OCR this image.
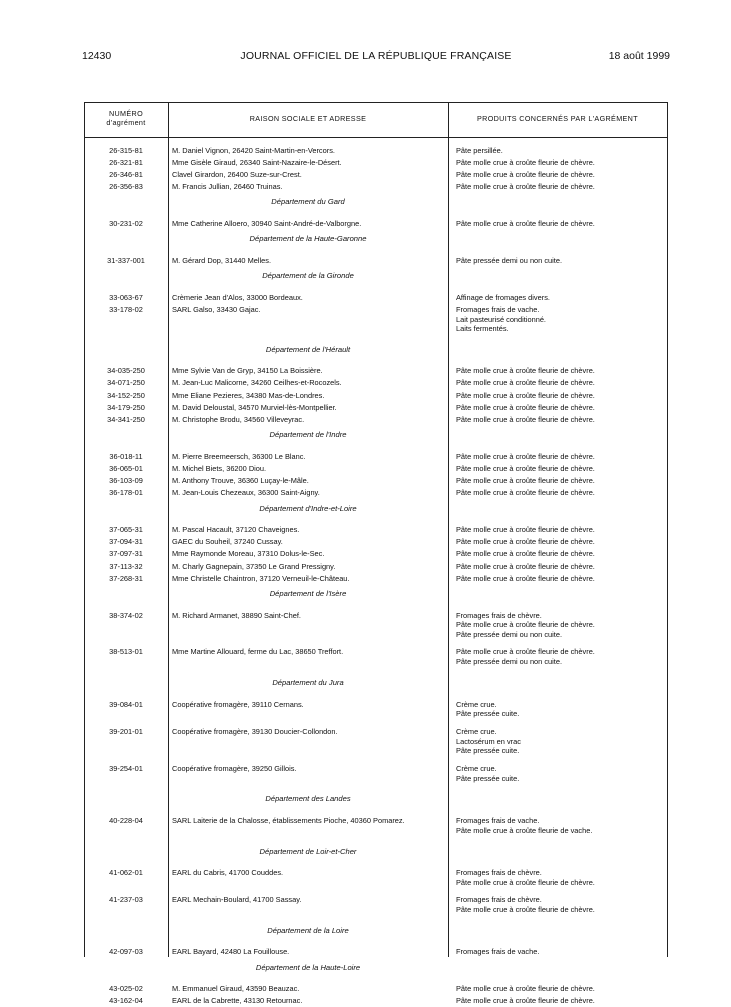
12430	JOURNAL OFFICIEL DE LA RÉPUBLIQUE FRANÇAISE	18 août 1999
NUMÉRO
d'agrément	RAISON SOCIALE ET ADRESSE	PRODUITS CONCERNÉS PAR L'AGRÉMENT
26-315-81	M. Daniel Vignon, 26420 Saint-Martin-en-Vercors.	Pâte persillée.
26-321-81	Mme Gisèle Giraud, 26340 Saint-Nazaire-le-Désert.	Pâte molle crue à croûte fleurie de chèvre.
26-346-81	Clavel Girardon, 26400 Suze-sur-Crest.	Pâte molle crue à croûte fleurie de chèvre.
26-356-83	M. Francis Jullian, 26460 Truinas.	Pâte molle crue à croûte fleurie de chèvre.
Département du Gard
30-231-02	Mme Catherine Alloero, 30940 Saint-André-de-Valborgne.	Pâte molle crue à croûte fleurie de chèvre.
Département de la Haute-Garonne
31-337-001	M. Gérard Dop, 31440 Melles.	Pâte pressée demi ou non cuite.
Département de la Gironde
33-063-67	Crèmerie Jean d'Alos, 33000 Bordeaux.	Affinage de fromages divers.
33-178-02	SARL Galso, 33430 Gajac.	Fromages frais de vache.
Lait pasteurisé conditionné.
Laits fermentés.
Département de l'Hérault
34-035-250	Mme Sylvie Van de Gryp, 34150 La Boissière.	Pâte molle crue à croûte fleurie de chèvre.
34-071-250	M. Jean-Luc Malicorne, 34260 Ceilhes-et-Rocozels.	Pâte molle crue à croûte fleurie de chèvre.
34-152-250	Mme Eliane Pezieres, 34380 Mas-de-Londres.	Pâte molle crue à croûte fleurie de chèvre.
34-179-250	M. David Deloustal, 34570 Murviel-lès-Montpellier.	Pâte molle crue à croûte fleurie de chèvre.
34-341-250	M. Christophe Brodu, 34560 Villeveyrac.	Pâte molle crue à croûte fleurie de chèvre.
Département de l'Indre
36-018-11	M. Pierre Breemeersch, 36300 Le Blanc.	Pâte molle crue à croûte fleurie de chèvre.
36-065-01	M. Michel Biets, 36200 Diou.	Pâte molle crue à croûte fleurie de chèvre.
36-103-09	M. Anthony Trouve, 36360 Luçay-le-Mâle.	Pâte molle crue à croûte fleurie de chèvre.
36-178-01	M. Jean-Louis Chezeaux, 36300 Saint-Aigny.	Pâte molle crue à croûte fleurie de chèvre.
Département d'Indre-et-Loire
37-065-31	M. Pascal Hacault, 37120 Chaveignes.	Pâte molle crue à croûte fleurie de chèvre.
37-094-31	GAEC du Souheil, 37240 Cussay.	Pâte molle crue à croûte fleurie de chèvre.
37-097-31	Mme Raymonde Moreau, 37310 Dolus-le-Sec.	Pâte molle crue à croûte fleurie de chèvre.
37-113-32	M. Charly Gagnepain, 37350 Le Grand Pressigny.	Pâte molle crue à croûte fleurie de chèvre.
37-268-31	Mme Christelle Chaintron, 37120 Verneuil-le-Château.	Pâte molle crue à croûte fleurie de chèvre.
Département de l'Isère
38-374-02	M. Richard Armanet, 38890 Saint-Chef.	Fromages frais de chèvre.
Pâte molle crue à croûte fleurie de chèvre.
Pâte pressée demi ou non cuite.
38-513-01	Mme Martine Allouard, ferme du Lac, 38650 Treffort.	Pâte molle crue à croûte fleurie de chèvre.
Pâte pressée demi ou non cuite.
Département du Jura
39-084-01	Coopérative fromagère, 39110 Cernans.	Crème crue.
Pâte pressée cuite.
39-201-01	Coopérative fromagère, 39130 Doucier-Collondon.	Crème crue.
Lactosérum en vrac
Pâte pressée cuite.
39-254-01	Coopérative fromagère, 39250 Gillois.	Crème crue.
Pâte pressée cuite.
Département des Landes
40-228-04	SARL Laiterie de la Chalosse, établissements Pioche, 40360 Pomarez.	Fromages frais de vache.
Pâte molle crue à croûte fleurie de vache.
Département de Loir-et-Cher
41-062-01	EARL du Cabris, 41700 Couddes.	Fromages frais de chèvre.
Pâte molle crue à croûte fleurie de chèvre.
41-237-03	EARL Mechain-Boulard, 41700 Sassay.	Fromages frais de chèvre.
Pâte molle crue à croûte fleurie de chèvre.
Département de la Loire
42-097-03	EARL Bayard, 42480 La Fouillouse.	Fromages frais de vache.
Département de la Haute-Loire
43-025-02	M. Emmanuel Giraud, 43590 Beauzac.	Pâte molle crue à croûte fleurie de chèvre.
43-162-04	EARL de la Cabrette, 43130 Retournac.	Pâte molle crue à croûte fleurie de chèvre.
